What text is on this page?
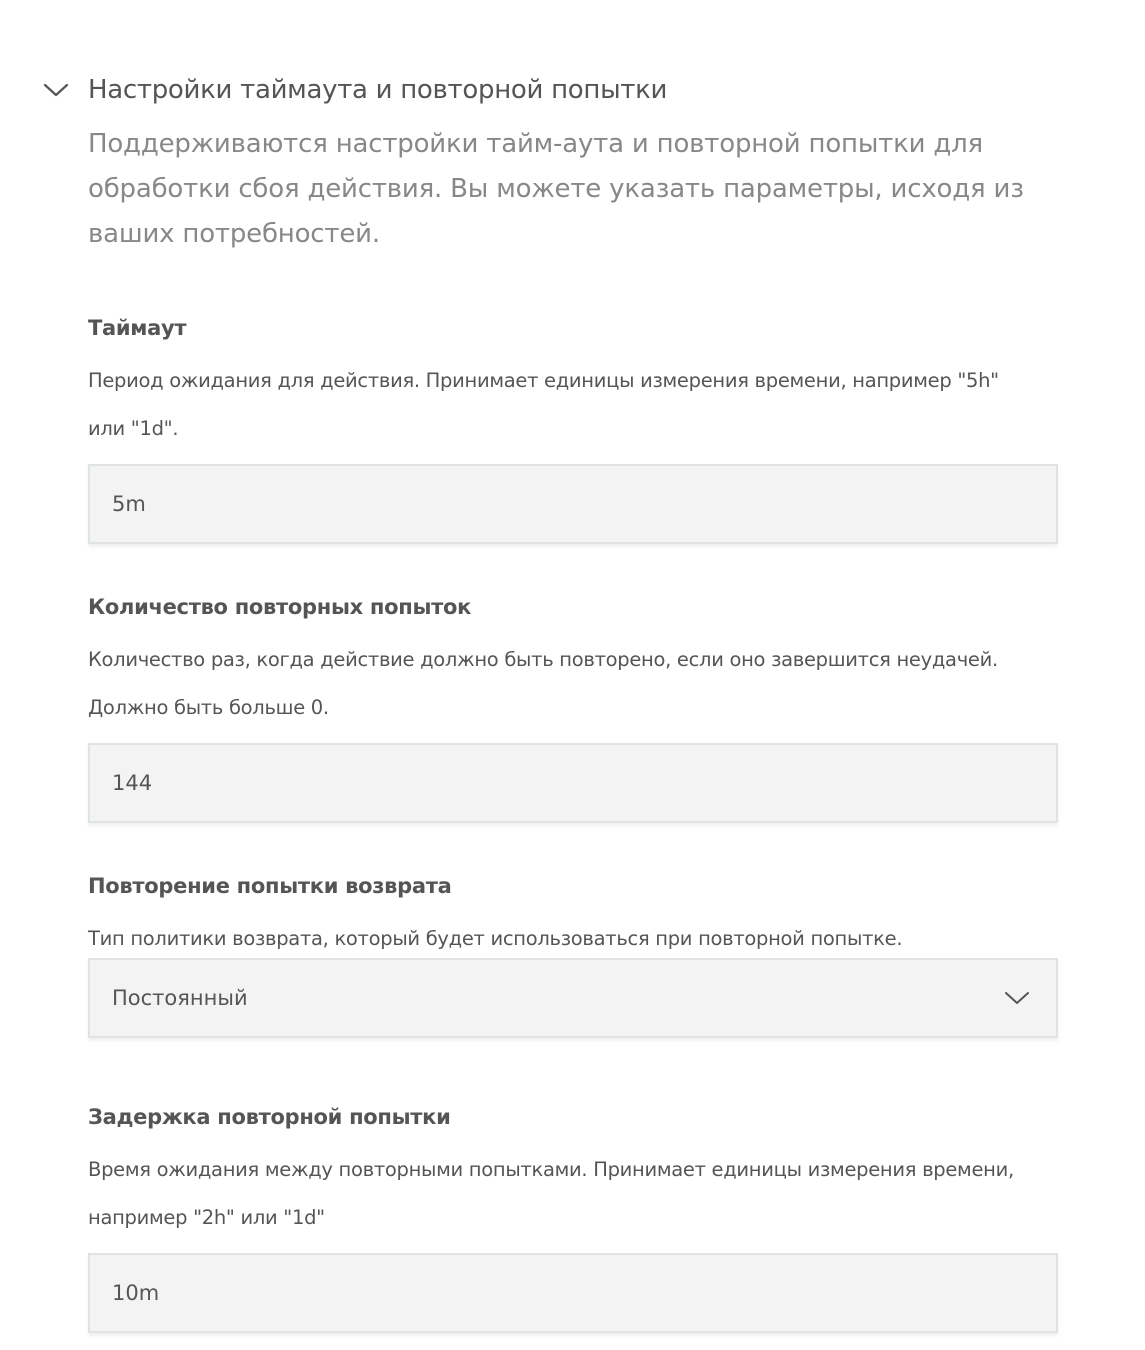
Настройки таймаута и повторной попытки
Поддерживаются настройки тайм-аута и повторной попытки для обработки сбоя действия. Вы можете указать параметры, исходя из ваших потребностей.
Таймаут
Период ожидания для действия. Принимает единицы измерения времени, например "5h" или "1d".
5m
Количество повторных попыток
Количество раз, когда действие должно быть повторено, если оно завершится неудачей. Должно быть больше 0.
144
Повторение попытки возврата
Тип политики возврата, который будет использоваться при повторной попытке.
Постоянный
Задержка повторной попытки
Время ожидания между повторными попытками. Принимает единицы измерения времени, например "2h" или "1d"
10m
